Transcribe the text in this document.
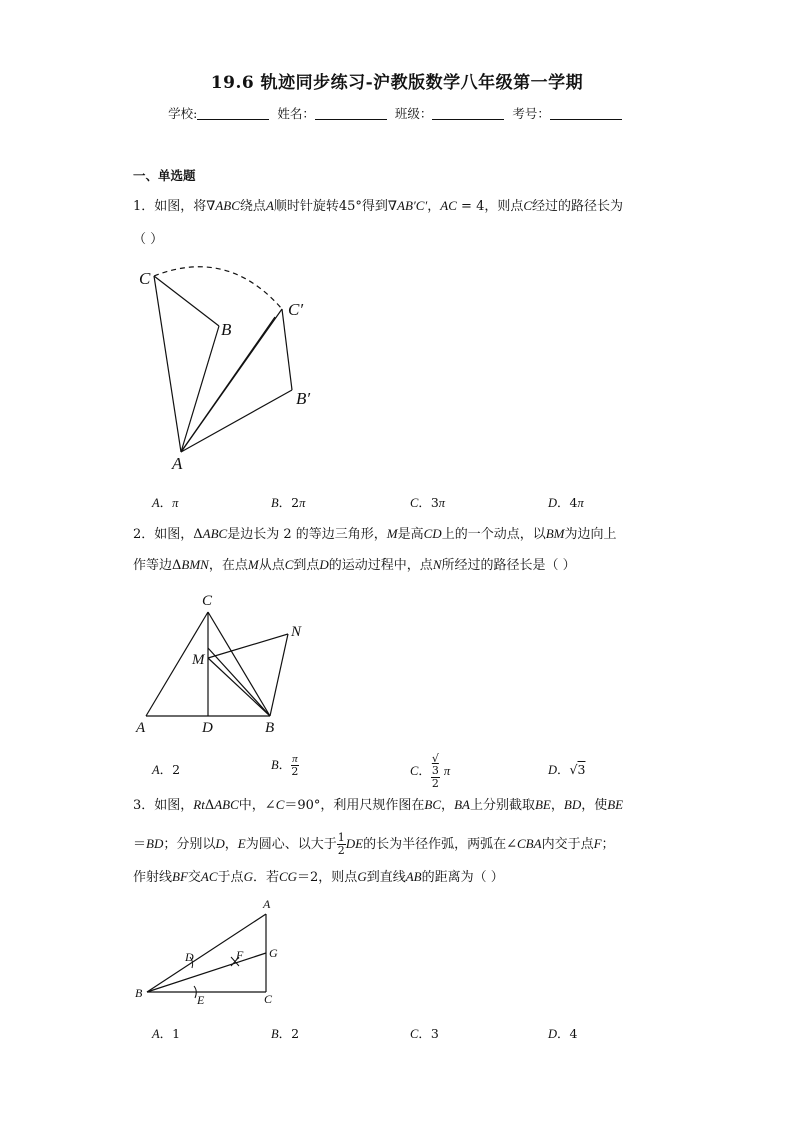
19.6 轨迹同步练习-沪教版数学八年级第一学期
学校:	姓名：	班级：	考号：
一、单选题
1．如图，将∇ABC绕点A顺时针旋转45°得到∇AB′C′，AC = 4，则点C经过的路径长为
（ ）
C
B
C′
B′
A
A．π	B．2π	C．3π	D．4π
2．如图，ΔABC是边长为 2 的等边三角形，M是高CD上的一个动点，以BM为边向上
作等边ΔBMN，在点M从点C到点D的运动过程中，点N所经过的路径长是（ ）
C
N
M
A	D	B
A．2	B． $\frac{\pi}{2}$	C． √
3
2 π	D．√3
3．如图，RtΔABC中，∠C＝90°，利用尺规作图在BC，BA上分别截取BE，BD，使BE
＝BD；分别以D，E为圆心、以大于 $\frac{1}{2}$ DE的长为半径作弧，两弧在∠CBA内交于点F；
作射线BF交AC于点G．若CG＝2，则点G到直线AB的距离为（ ）
A
G
F
D
B	E	C
A．1	B．2	C．3	D．4
